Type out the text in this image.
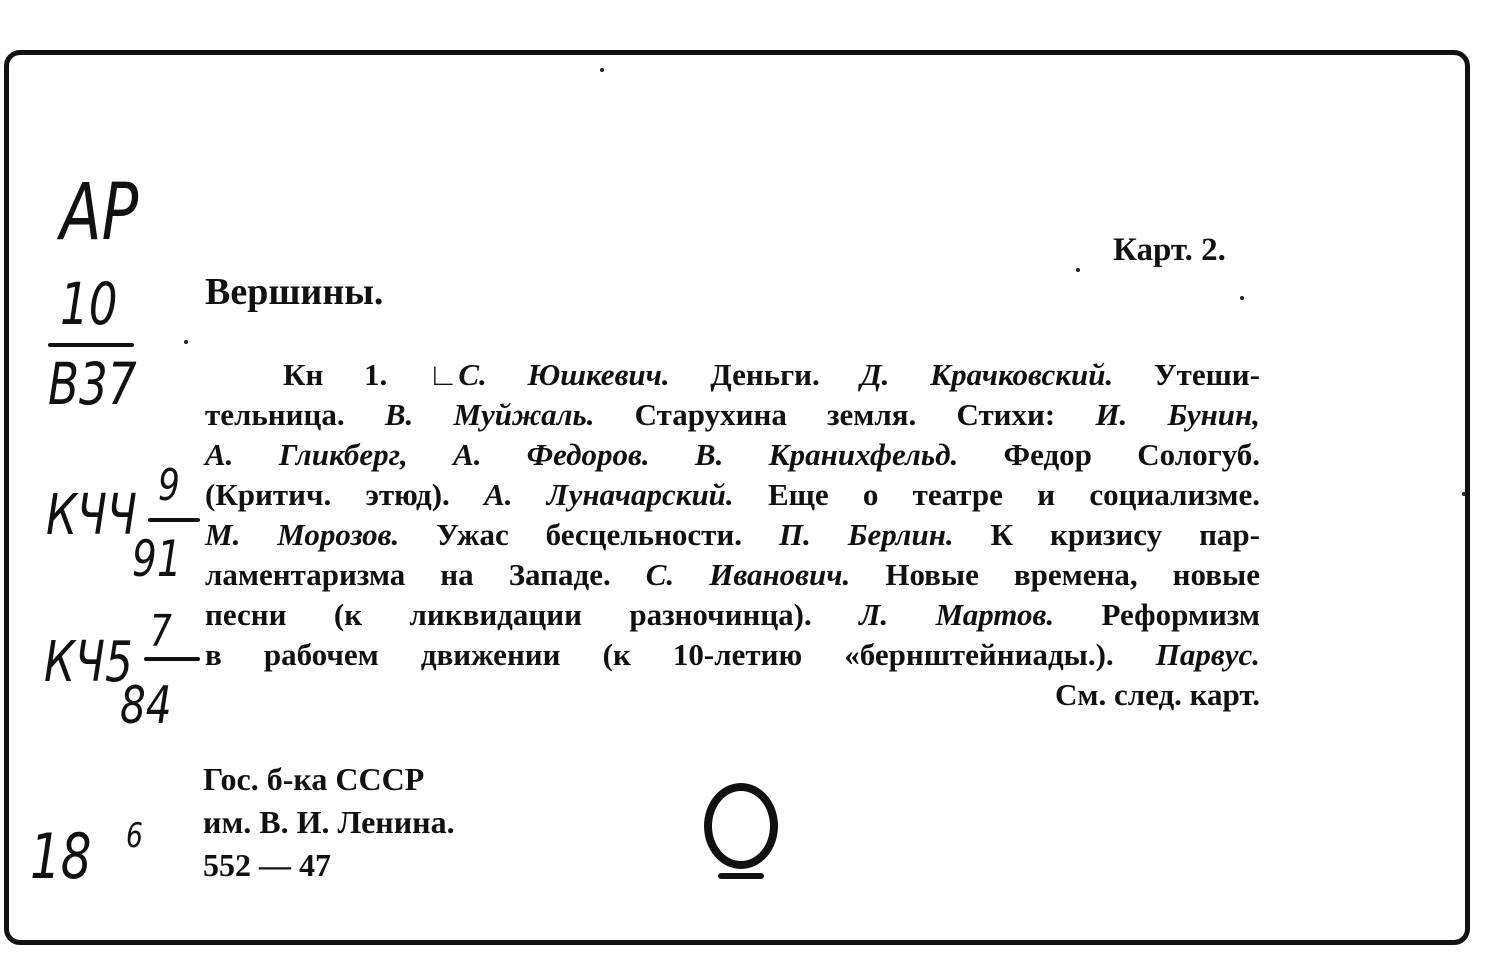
Карт. 2.
Вершины.
Кн 1. ∟С. Юшкевич. Деньги. Д. Крачковский. Утеши-
тельница. В. Муйжаль. Старухина земля. Стихи: И. Бунин,
А. Гликберг, А. Федоров. В. Кранихфельд. Федор Сологуб.
(Критич. этюд). А. Луначарский. Еще о театре и социализме.
М. Морозов. Ужас бесцельности. П. Берлин. К кризису пар-
ламентаризма на Западе. С. Иванович. Новые времена, новые
песни (к ликвидации разночинца). Л. Мартов. Реформизм
в рабочем движении (к 10-летию «бернштейниады.). Парвус.
См. след. карт.
Гос. б-ка СССР
им. В. И. Ленина.
552 — 47
АР
10
В37
КЧЧ 9
91
КЧ5 7
84
18 6
